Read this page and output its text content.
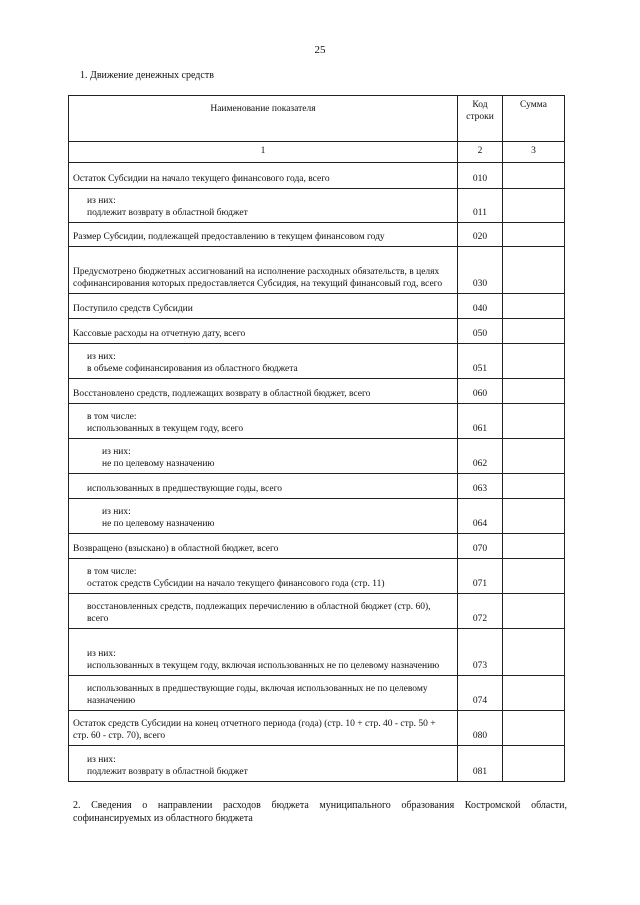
25
1. Движение денежных средств
Наименование показателя	Код строки	Сумма
1	2	3
Остаток Субсидии на начало текущего финансового года, всего	010	
из них:
подлежит возврату в областной бюджет	011	
Размер Субсидии, подлежащей предоставлению в текущем финансовом году	020	
Предусмотрено бюджетных ассигнований на исполнение расходных обязательств, в целях софинансирования которых предоставляется Субсидия, на текущий финансовый год, всего	030	
Поступило средств Субсидии	040	
Кассовые расходы на отчетную дату, всего	050	
из них:
в объеме софинансирования из областного бюджета	051	
Восстановлено средств, подлежащих возврату в областной бюджет, всего	060	
в том числе:
использованных в текущем году, всего	061	
из них:
не по целевому назначению	062	
использованных в предшествующие годы, всего	063	
из них:
не по целевому назначению	064	
Возвращено (взыскано) в областной бюджет, всего	070	
в том числе:
остаток средств Субсидии на начало текущего финансового года (стр. 11)	071	
восстановленных средств, подлежащих перечислению в областной бюджет (стр. 60), всего	072	
из них:
использованных в текущем году, включая использованных не по целевому назначению	073	
использованных в предшествующие годы, включая использованных не по целевому назначению	074	
Остаток средств Субсидии на конец отчетного периода (года) (стр. 10 + стр. 40 - стр. 50 + стр. 60 - стр. 70), всего	080	
из них:
подлежит возврату в областной бюджет	081	
2. Сведения о направлении расходов бюджета муниципального образования Костромской области, софинансируемых из областного бюджета
